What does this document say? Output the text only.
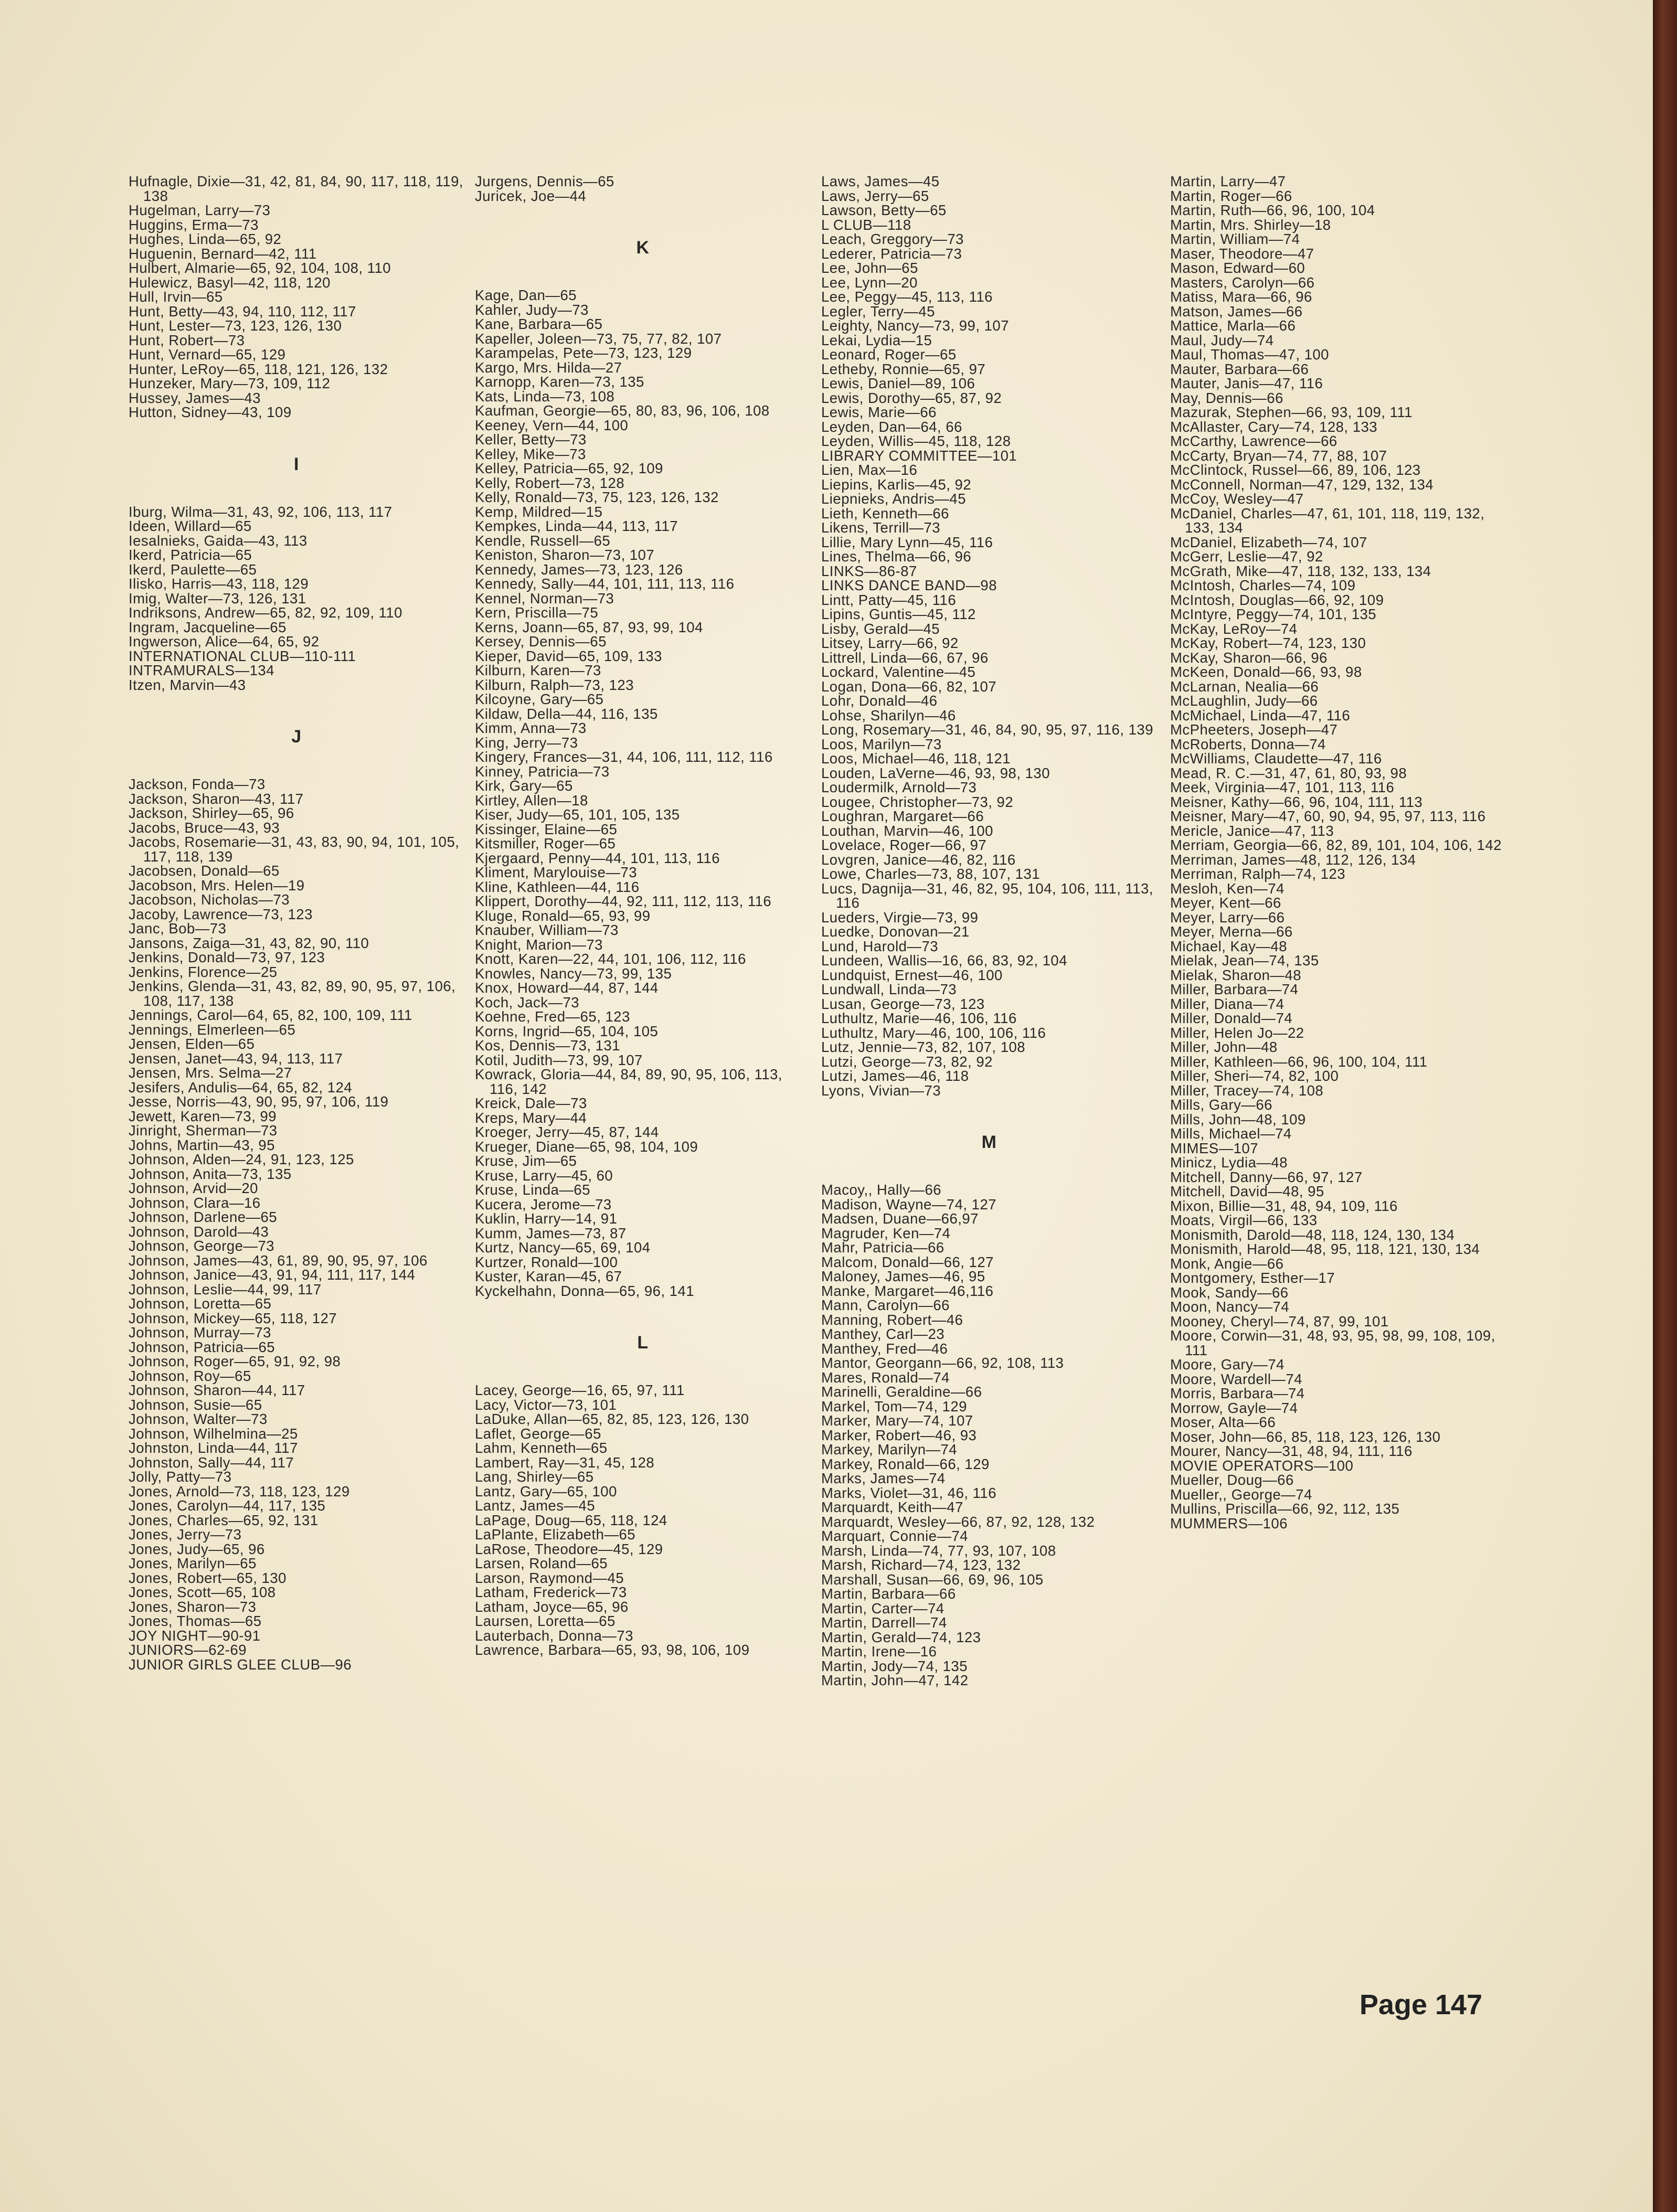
Hufnagle, Dixie—31, 42, 81, 84, 90, 117, 118, 119, 138
Hugelman, Larry—73
Huggins, Erma—73
Hughes, Linda—65, 92
Huguenin, Bernard—42, 111
Hulbert, Almarie—65, 92, 104, 108, 110
Hulewicz, Basyl—42, 118, 120
Hull, Irvin—65
Hunt, Betty—43, 94, 110, 112, 117
Hunt, Lester—73, 123, 126, 130
Hunt, Robert—73
Hunt, Vernard—65, 129
Hunter, LeRoy—65, 118, 121, 126, 132
Hunzeker, Mary—73, 109, 112
Hussey, James—43
Hutton, Sidney—43, 109
I
Iburg, Wilma—31, 43, 92, 106, 113, 117
Ideen, Willard—65
Iesalnieks, Gaida—43, 113
Ikerd, Patricia—65
Ikerd, Paulette—65
Ilisko, Harris—43, 118, 129
Imig, Walter—73, 126, 131
Indriksons, Andrew—65, 82, 92, 109, 110
Ingram, Jacqueline—65
Ingwerson, Alice—64, 65, 92
INTERNATIONAL CLUB—110-111
INTRAMURALS—134
Itzen, Marvin—43
J
Jackson, Fonda—73
Jackson, Sharon—43, 117
Jackson, Shirley—65, 96
Jacobs, Bruce—43, 93
Jacobs, Rosemarie—31, 43, 83, 90, 94, 101, 105, 117, 118, 139
Jacobsen, Donald—65
Jacobson, Mrs. Helen—19
Jacobson, Nicholas—73
Jacoby, Lawrence—73, 123
Janc, Bob—73
Jansons, Zaiga—31, 43, 82, 90, 110
Jenkins, Donald—73, 97, 123
Jenkins, Florence—25
Jenkins, Glenda—31, 43, 82, 89, 90, 95, 97, 106, 108, 117, 138
Jennings, Carol—64, 65, 82, 100, 109, 111
Jennings, Elmerleen—65
Jensen, Elden—65
Jensen, Janet—43, 94, 113, 117
Jensen, Mrs. Selma—27
Jesifers, Andulis—64, 65, 82, 124
Jesse, Norris—43, 90, 95, 97, 106, 119
Jewett, Karen—73, 99
Jinright, Sherman—73
Johns, Martin—43, 95
Johnson, Alden—24, 91, 123, 125
Johnson, Anita—73, 135
Johnson, Arvid—20
Johnson, Clara—16
Johnson, Darlene—65
Johnson, Darold—43
Johnson, George—73
Johnson, James—43, 61, 89, 90, 95, 97, 106
Johnson, Janice—43, 91, 94, 111, 117, 144
Johnson, Leslie—44, 99, 117
Johnson, Loretta—65
Johnson, Mickey—65, 118, 127
Johnson, Murray—73
Johnson, Patricia—65
Johnson, Roger—65, 91, 92, 98
Johnson, Roy—65
Johnson, Sharon—44, 117
Johnson, Susie—65
Johnson, Walter—73
Johnson, Wilhelmina—25
Johnston, Linda—44, 117
Johnston, Sally—44, 117
Jolly, Patty—73
Jones, Arnold—73, 118, 123, 129
Jones, Carolyn—44, 117, 135
Jones, Charles—65, 92, 131
Jones, Jerry—73
Jones, Judy—65, 96
Jones, Marilyn—65
Jones, Robert—65, 130
Jones, Scott—65, 108
Jones, Sharon—73
Jones, Thomas—65
JOY NIGHT—90-91
JUNIORS—62-69
JUNIOR GIRLS GLEE CLUB—96
Jurgens, Dennis—65
Juricek, Joe—44
K
Kage, Dan—65
Kahler, Judy—73
Kane, Barbara—65
Kapeller, Joleen—73, 75, 77, 82, 107
Karampelas, Pete—73, 123, 129
Kargo, Mrs. Hilda—27
Karnopp, Karen—73, 135
Kats, Linda—73, 108
Kaufman, Georgie—65, 80, 83, 96, 106, 108
Keeney, Vern—44, 100
Keller, Betty—73
Kelley, Mike—73
Kelley, Patricia—65, 92, 109
Kelly, Robert—73, 128
Kelly, Ronald—73, 75, 123, 126, 132
Kemp, Mildred—15
Kempkes, Linda—44, 113, 117
Kendle, Russell—65
Keniston, Sharon—73, 107
Kennedy, James—73, 123, 126
Kennedy, Sally—44, 101, 111, 113, 116
Kennel, Norman—73
Kern, Priscilla—75
Kerns, Joann—65, 87, 93, 99, 104
Kersey, Dennis—65
Kieper, David—65, 109, 133
Kilburn, Karen—73
Kilburn, Ralph—73, 123
Kilcoyne, Gary—65
Kildaw, Della—44, 116, 135
Kimm, Anna—73
King, Jerry—73
Kingery, Frances—31, 44, 106, 111, 112, 116
Kinney, Patricia—73
Kirk, Gary—65
Kirtley, Allen—18
Kiser, Judy—65, 101, 105, 135
Kissinger, Elaine—65
Kitsmiller, Roger—65
Kjergaard, Penny—44, 101, 113, 116
Kliment, Marylouise—73
Kline, Kathleen—44, 116
Klippert, Dorothy—44, 92, 111, 112, 113, 116
Kluge, Ronald—65, 93, 99
Knauber, William—73
Knight, Marion—73
Knott, Karen—22, 44, 101, 106, 112, 116
Knowles, Nancy—73, 99, 135
Knox, Howard—44, 87, 144
Koch, Jack—73
Koehne, Fred—65, 123
Korns, Ingrid—65, 104, 105
Kos, Dennis—73, 131
Kotil, Judith—73, 99, 107
Kowrack, Gloria—44, 84, 89, 90, 95, 106, 113, 116, 142
Kreick, Dale—73
Kreps, Mary—44
Kroeger, Jerry—45, 87, 144
Krueger, Diane—65, 98, 104, 109
Kruse, Jim—65
Kruse, Larry—45, 60
Kruse, Linda—65
Kucera, Jerome—73
Kuklin, Harry—14, 91
Kumm, James—73, 87
Kurtz, Nancy—65, 69, 104
Kurtzer, Ronald—100
Kuster, Karan—45, 67
Kyckelhahn, Donna—65, 96, 141
L
Lacey, George—16, 65, 97, 111
Lacy, Victor—73, 101
LaDuke, Allan—65, 82, 85, 123, 126, 130
Laflet, George—65
Lahm, Kenneth—65
Lambert, Ray—31, 45, 128
Lang, Shirley—65
Lantz, Gary—65, 100
Lantz, James—45
LaPage, Doug—65, 118, 124
LaPlante, Elizabeth—65
LaRose, Theodore—45, 129
Larsen, Roland—65
Larson, Raymond—45
Latham, Frederick—73
Latham, Joyce—65, 96
Laursen, Loretta—65
Lauterbach, Donna—73
Lawrence, Barbara—65, 93, 98, 106, 109
Laws, James—45
Laws, Jerry—65
Lawson, Betty—65
L CLUB—118
Leach, Greggory—73
Lederer, Patricia—73
Lee, John—65
Lee, Lynn—20
Lee, Peggy—45, 113, 116
Legler, Terry—45
Leighty, Nancy—73, 99, 107
Lekai, Lydia—15
Leonard, Roger—65
Letheby, Ronnie—65, 97
Lewis, Daniel—89, 106
Lewis, Dorothy—65, 87, 92
Lewis, Marie—66
Leyden, Dan—64, 66
Leyden, Willis—45, 118, 128
LIBRARY COMMITTEE—101
Lien, Max—16
Liepins, Karlis—45, 92
Liepnieks, Andris—45
Lieth, Kenneth—66
Likens, Terrill—73
Lillie, Mary Lynn—45, 116
Lines, Thelma—66, 96
LINKS—86-87
LINKS DANCE BAND—98
Lintt, Patty—45, 116
Lipins, Guntis—45, 112
Lisby, Gerald—45
Litsey, Larry—66, 92
Littrell, Linda—66, 67, 96
Lockard, Valentine—45
Logan, Dona—66, 82, 107
Lohr, Donald—46
Lohse, Sharilyn—46
Long, Rosemary—31, 46, 84, 90, 95, 97, 116, 139
Loos, Marilyn—73
Loos, Michael—46, 118, 121
Louden, LaVerne—46, 93, 98, 130
Loudermilk, Arnold—73
Lougee, Christopher—73, 92
Loughran, Margaret—66
Louthan, Marvin—46, 100
Lovelace, Roger—66, 97
Lovgren, Janice—46, 82, 116
Lowe, Charles—73, 88, 107, 131
Lucs, Dagnija—31, 46, 82, 95, 104, 106, 111, 113, 116
Lueders, Virgie—73, 99
Luedke, Donovan—21
Lund, Harold—73
Lundeen, Wallis—16, 66, 83, 92, 104
Lundquist, Ernest—46, 100
Lundwall, Linda—73
Lusan, George—73, 123
Luthultz, Marie—46, 106, 116
Luthultz, Mary—46, 100, 106, 116
Lutz, Jennie—73, 82, 107, 108
Lutzi, George—73, 82, 92
Lutzi, James—46, 118
Lyons, Vivian—73
M
Macoy,, Hally—66
Madison, Wayne—74, 127
Madsen, Duane—66,97
Magruder, Ken—74
Mahr, Patricia—66
Malcom, Donald—66, 127
Maloney, James—46, 95
Manke, Margaret—46,116
Mann, Carolyn—66
Manning, Robert—46
Manthey, Carl—23
Manthey, Fred—46
Mantor, Georgann—66, 92, 108, 113
Mares, Ronald—74
Marinelli, Geraldine—66
Markel, Tom—74, 129
Marker, Mary—74, 107
Marker, Robert—46, 93
Markey, Marilyn—74
Markey, Ronald—66, 129
Marks, James—74
Marks, Violet—31, 46, 116
Marquardt, Keith—47
Marquardt, Wesley—66, 87, 92, 128, 132
Marquart, Connie—74
Marsh, Linda—74, 77, 93, 107, 108
Marsh, Richard—74, 123, 132
Marshall, Susan—66, 69, 96, 105
Martin, Barbara—66
Martin, Carter—74
Martin, Darrell—74
Martin, Gerald—74, 123
Martin, Irene—16
Martin, Jody—74, 135
Martin, John—47, 142
Martin, Larry—47
Martin, Roger—66
Martin, Ruth—66, 96, 100, 104
Martin, Mrs. Shirley—18
Martin, William—74
Maser, Theodore—47
Mason, Edward—60
Masters, Carolyn—66
Matiss, Mara—66, 96
Matson, James—66
Mattice, Marla—66
Maul, Judy—74
Maul, Thomas—47, 100
Mauter, Barbara—66
Mauter, Janis—47, 116
May, Dennis—66
Mazurak, Stephen—66, 93, 109, 111
McAllaster, Cary—74, 128, 133
McCarthy, Lawrence—66
McCarty, Bryan—74, 77, 88, 107
McClintock, Russel—66, 89, 106, 123
McConnell, Norman—47, 129, 132, 134
McCoy, Wesley—47
McDaniel, Charles—47, 61, 101, 118, 119, 132, 133, 134
McDaniel, Elizabeth—74, 107
McGerr, Leslie—47, 92
McGrath, Mike—47, 118, 132, 133, 134
McIntosh, Charles—74, 109
McIntosh, Douglas—66, 92, 109
McIntyre, Peggy—74, 101, 135
McKay, LeRoy—74
McKay, Robert—74, 123, 130
McKay, Sharon—66, 96
McKeen, Donald—66, 93, 98
McLarnan, Nealia—66
McLaughlin, Judy—66
McMichael, Linda—47, 116
McPheeters, Joseph—47
McRoberts, Donna—74
McWilliams, Claudette—47, 116
Mead, R. C.—31, 47, 61, 80, 93, 98
Meek, Virginia—47, 101, 113, 116
Meisner, Kathy—66, 96, 104, 111, 113
Meisner, Mary—47, 60, 90, 94, 95, 97, 113, 116
Mericle, Janice—47, 113
Merriam, Georgia—66, 82, 89, 101, 104, 106, 142
Merriman, James—48, 112, 126, 134
Merriman, Ralph—74, 123
Mesloh, Ken—74
Meyer, Kent—66
Meyer, Larry—66
Meyer, Merna—66
Michael, Kay—48
Mielak, Jean—74, 135
Mielak, Sharon—48
Miller, Barbara—74
Miller, Diana—74
Miller, Donald—74
Miller, Helen Jo—22
Miller, John—48
Miller, Kathleen—66, 96, 100, 104, 111
Miller, Sheri—74, 82, 100
Miller, Tracey—74, 108
Mills, Gary—66
Mills, John—48, 109
Mills, Michael—74
MIMES—107
Minicz, Lydia—48
Mitchell, Danny—66, 97, 127
Mitchell, David—48, 95
Mixon, Billie—31, 48, 94, 109, 116
Moats, Virgil—66, 133
Monismith, Darold—48, 118, 124, 130, 134
Monismith, Harold—48, 95, 118, 121, 130, 134
Monk, Angie—66
Montgomery, Esther—17
Mook, Sandy—66
Moon, Nancy—74
Mooney, Cheryl—74, 87, 99, 101
Moore, Corwin—31, 48, 93, 95, 98, 99, 108, 109, 111
Moore, Gary—74
Moore, Wardell—74
Morris, Barbara—74
Morrow, Gayle—74
Moser, Alta—66
Moser, John—66, 85, 118, 123, 126, 130
Mourer, Nancy—31, 48, 94, 111, 116
MOVIE OPERATORS—100
Mueller, Doug—66
Mueller,, George—74
Mullins, Priscilla—66, 92, 112, 135
MUMMERS—106
Page 147
